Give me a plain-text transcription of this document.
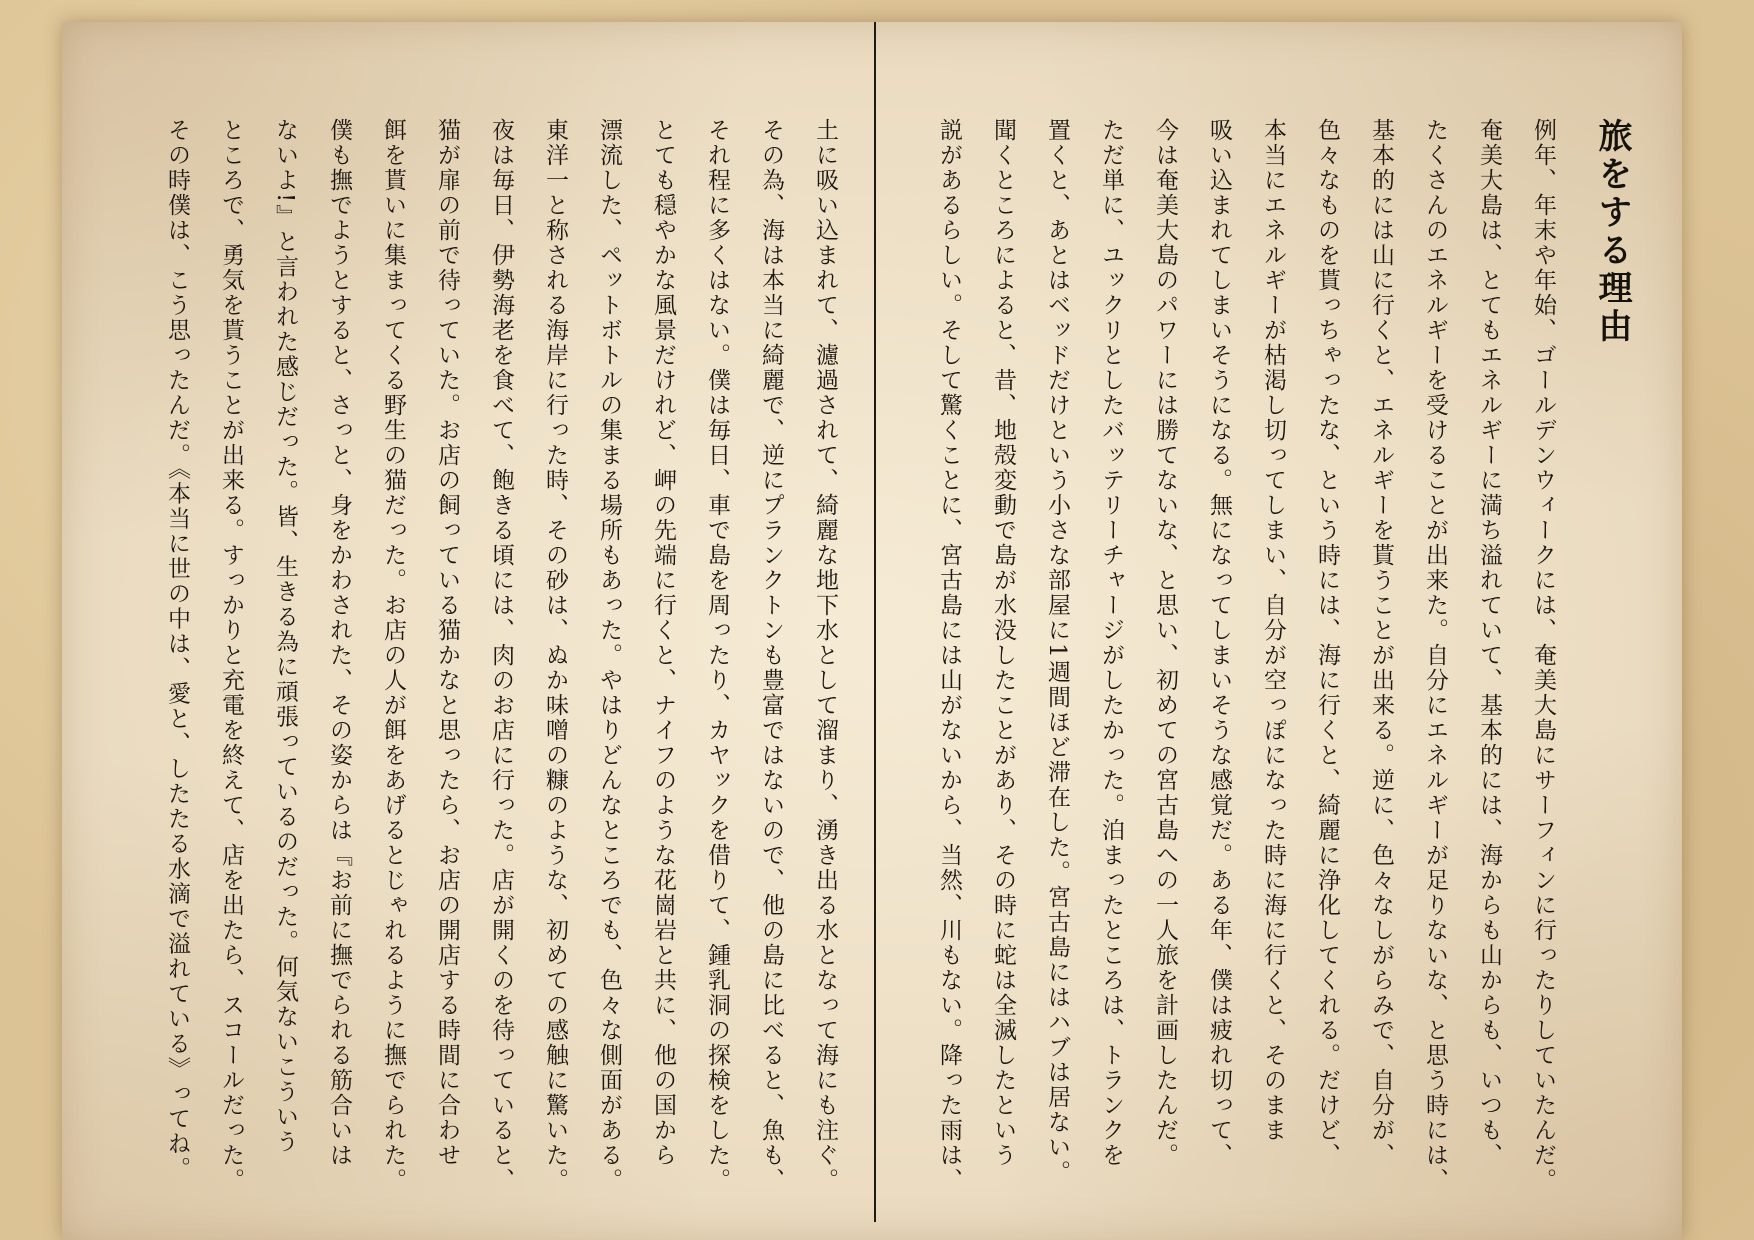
旅をする理由
例年、年末や年始、ゴールデンウィークには、奄美大島にサーフィンに行ったりしていたんだ。
奄美大島は、とてもエネルギーに満ち溢れていて、基本的には、海からも山からも、いつも、
たくさんのエネルギーを受けることが出来た。自分にエネルギーが足りないな、と思う時には、
基本的には山に行くと、エネルギーを貰うことが出来る。逆に、色々なしがらみで、自分が、
色々なものを貰っちゃったな、という時には、海に行くと、綺麗に浄化してくれる。だけど、
本当にエネルギーが枯渇し切ってしまい、自分が空っぽになった時に海に行くと、そのまま
吸い込まれてしまいそうになる。無になってしまいそうな感覚だ。ある年、僕は疲れ切って、
今は奄美大島のパワーには勝てないな、と思い、初めての宮古島への一人旅を計画したんだ。
ただ単に、ユックリとしたバッテリーチャージがしたかった。泊まったところは、トランクを
置くと、あとはベッドだけという小さな部屋に1週間ほど滞在した。宮古島にはハブは居ない。
聞くところによると、昔、地殻変動で島が水没したことがあり、その時に蛇は全滅したという
説があるらしい。そして驚くことに、宮古島には山がないから、当然、川もない。降った雨は、
土に吸い込まれて、濾過されて、綺麗な地下水として溜まり、湧き出る水となって海にも注ぐ。
その為、海は本当に綺麗で、逆にプランクトンも豊富ではないので、他の島に比べると、魚も、
それ程に多くはない。僕は毎日、車で島を周ったり、カヤックを借りて、鍾乳洞の探検をした。
とても穏やかな風景だけれど、岬の先端に行くと、ナイフのような花崗岩と共に、他の国から
漂流した、ペットボトルの集まる場所もあった。やはりどんなところでも、色々な側面がある。
東洋一と称される海岸に行った時、その砂は、ぬか味噌の糠のような、初めての感触に驚いた。
夜は毎日、伊勢海老を食べて、飽きる頃には、肉のお店に行った。店が開くのを待っていると、
猫が扉の前で待っていた。お店の飼っている猫かなと思ったら、お店の開店する時間に合わせ
餌を貰いに集まってくる野生の猫だった。お店の人が餌をあげるとじゃれるように撫でられた。
僕も撫でようとすると、さっと、身をかわされた、その姿からは『お前に撫でられる筋合いは
ないよ!』と言われた感じだった。皆、生きる為に頑張っているのだった。何気ないこういう
ところで、勇気を貰うことが出来る。すっかりと充電を終えて、店を出たら、スコールだった。
その時僕は、こう思ったんだ。《本当に世の中は、愛と、したたる水滴で溢れている》ってね。
